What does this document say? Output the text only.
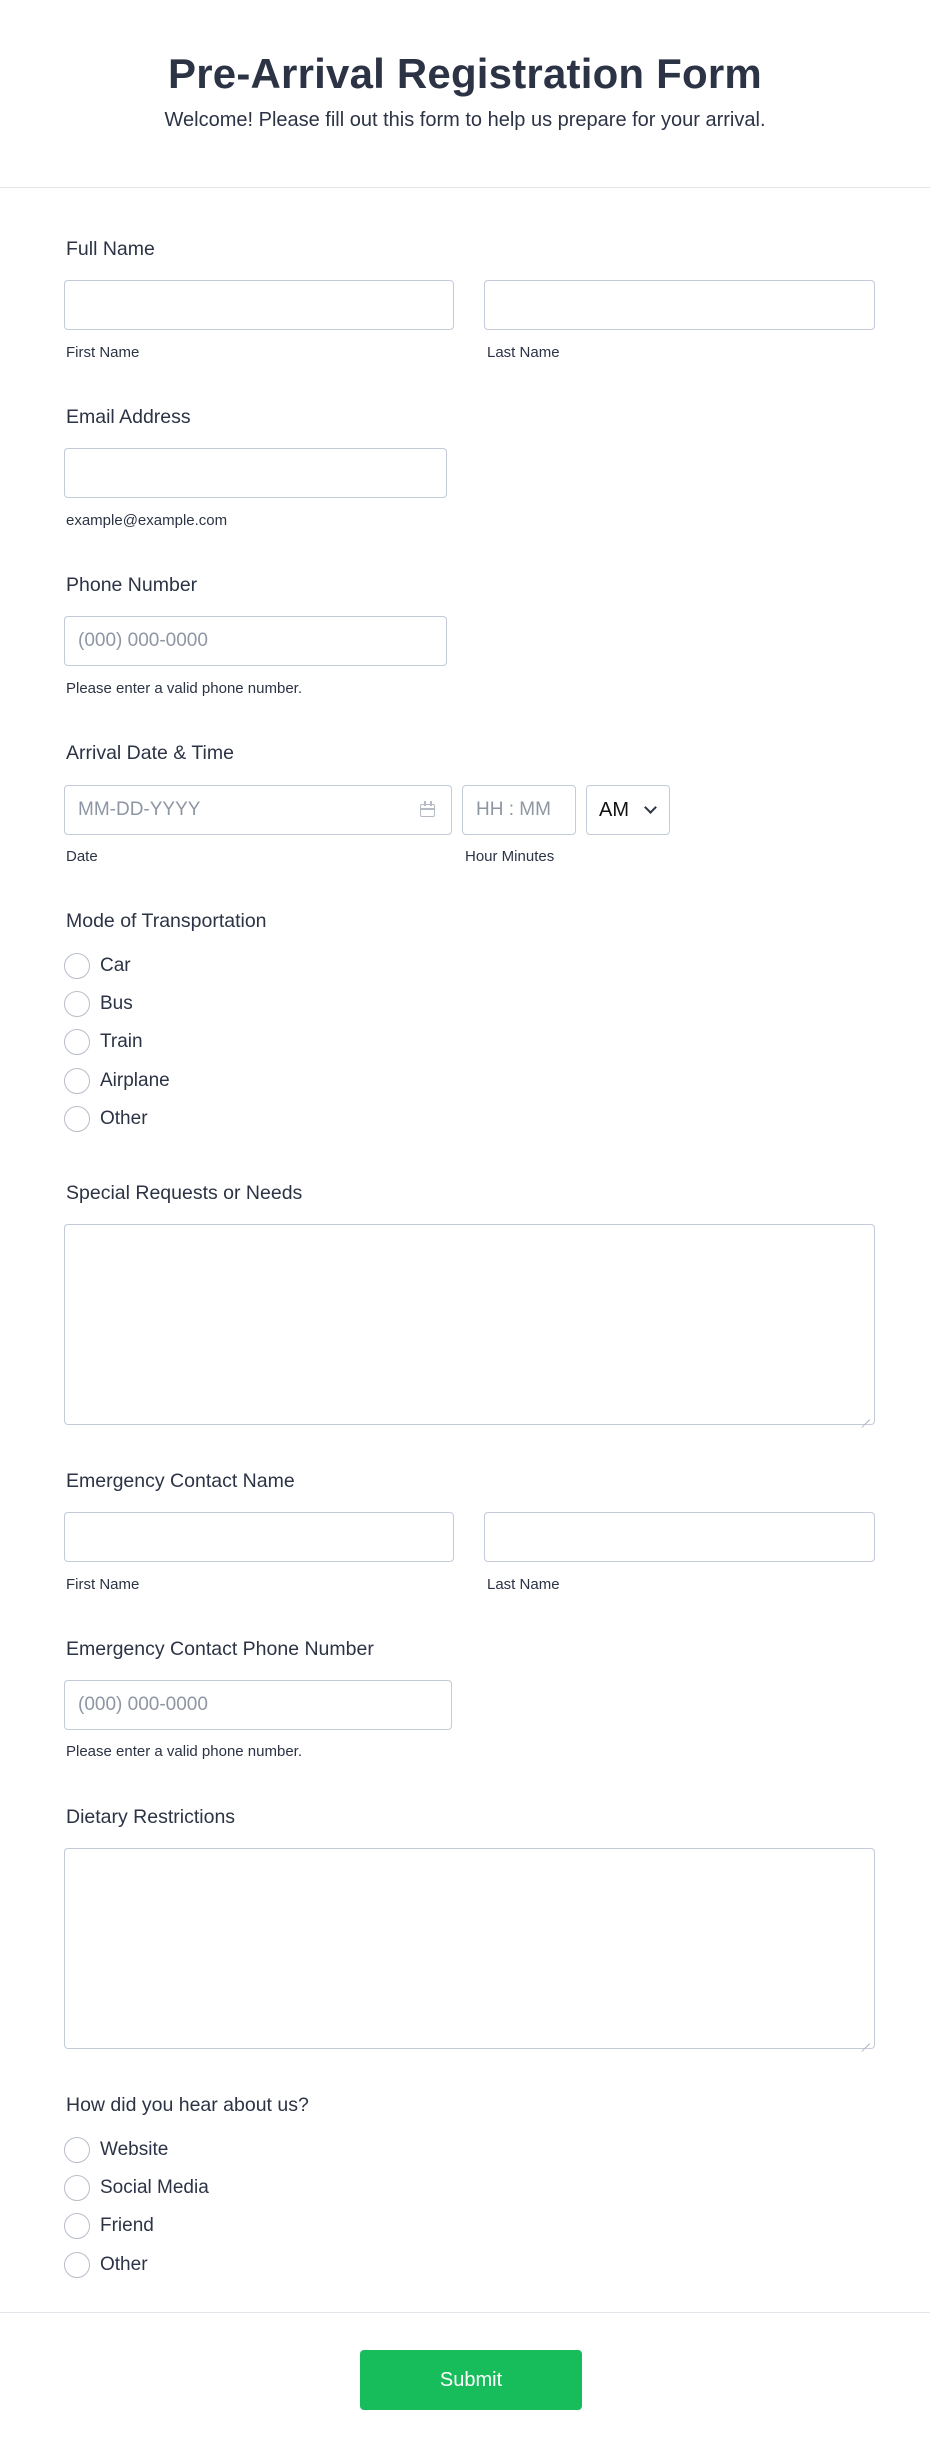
Pre-Arrival Registration Form
Welcome! Please fill out this form to help us prepare for your arrival.
Full Name
First Name	Last Name
Email Address
example@example.com
Phone Number
(000) 000-0000
Please enter a valid phone number.
Arrival Date & Time
MM-DD-YYYY
HH : MM
AM
Date	Hour Minutes
Mode of Transportation
Car
Bus
Train
Airplane
Other
Special Requests or Needs
Emergency Contact Name
First Name	Last Name
Emergency Contact Phone Number
(000) 000-0000
Please enter a valid phone number.
Dietary Restrictions
How did you hear about us?
Website
Social Media
Friend
Other
Submit
